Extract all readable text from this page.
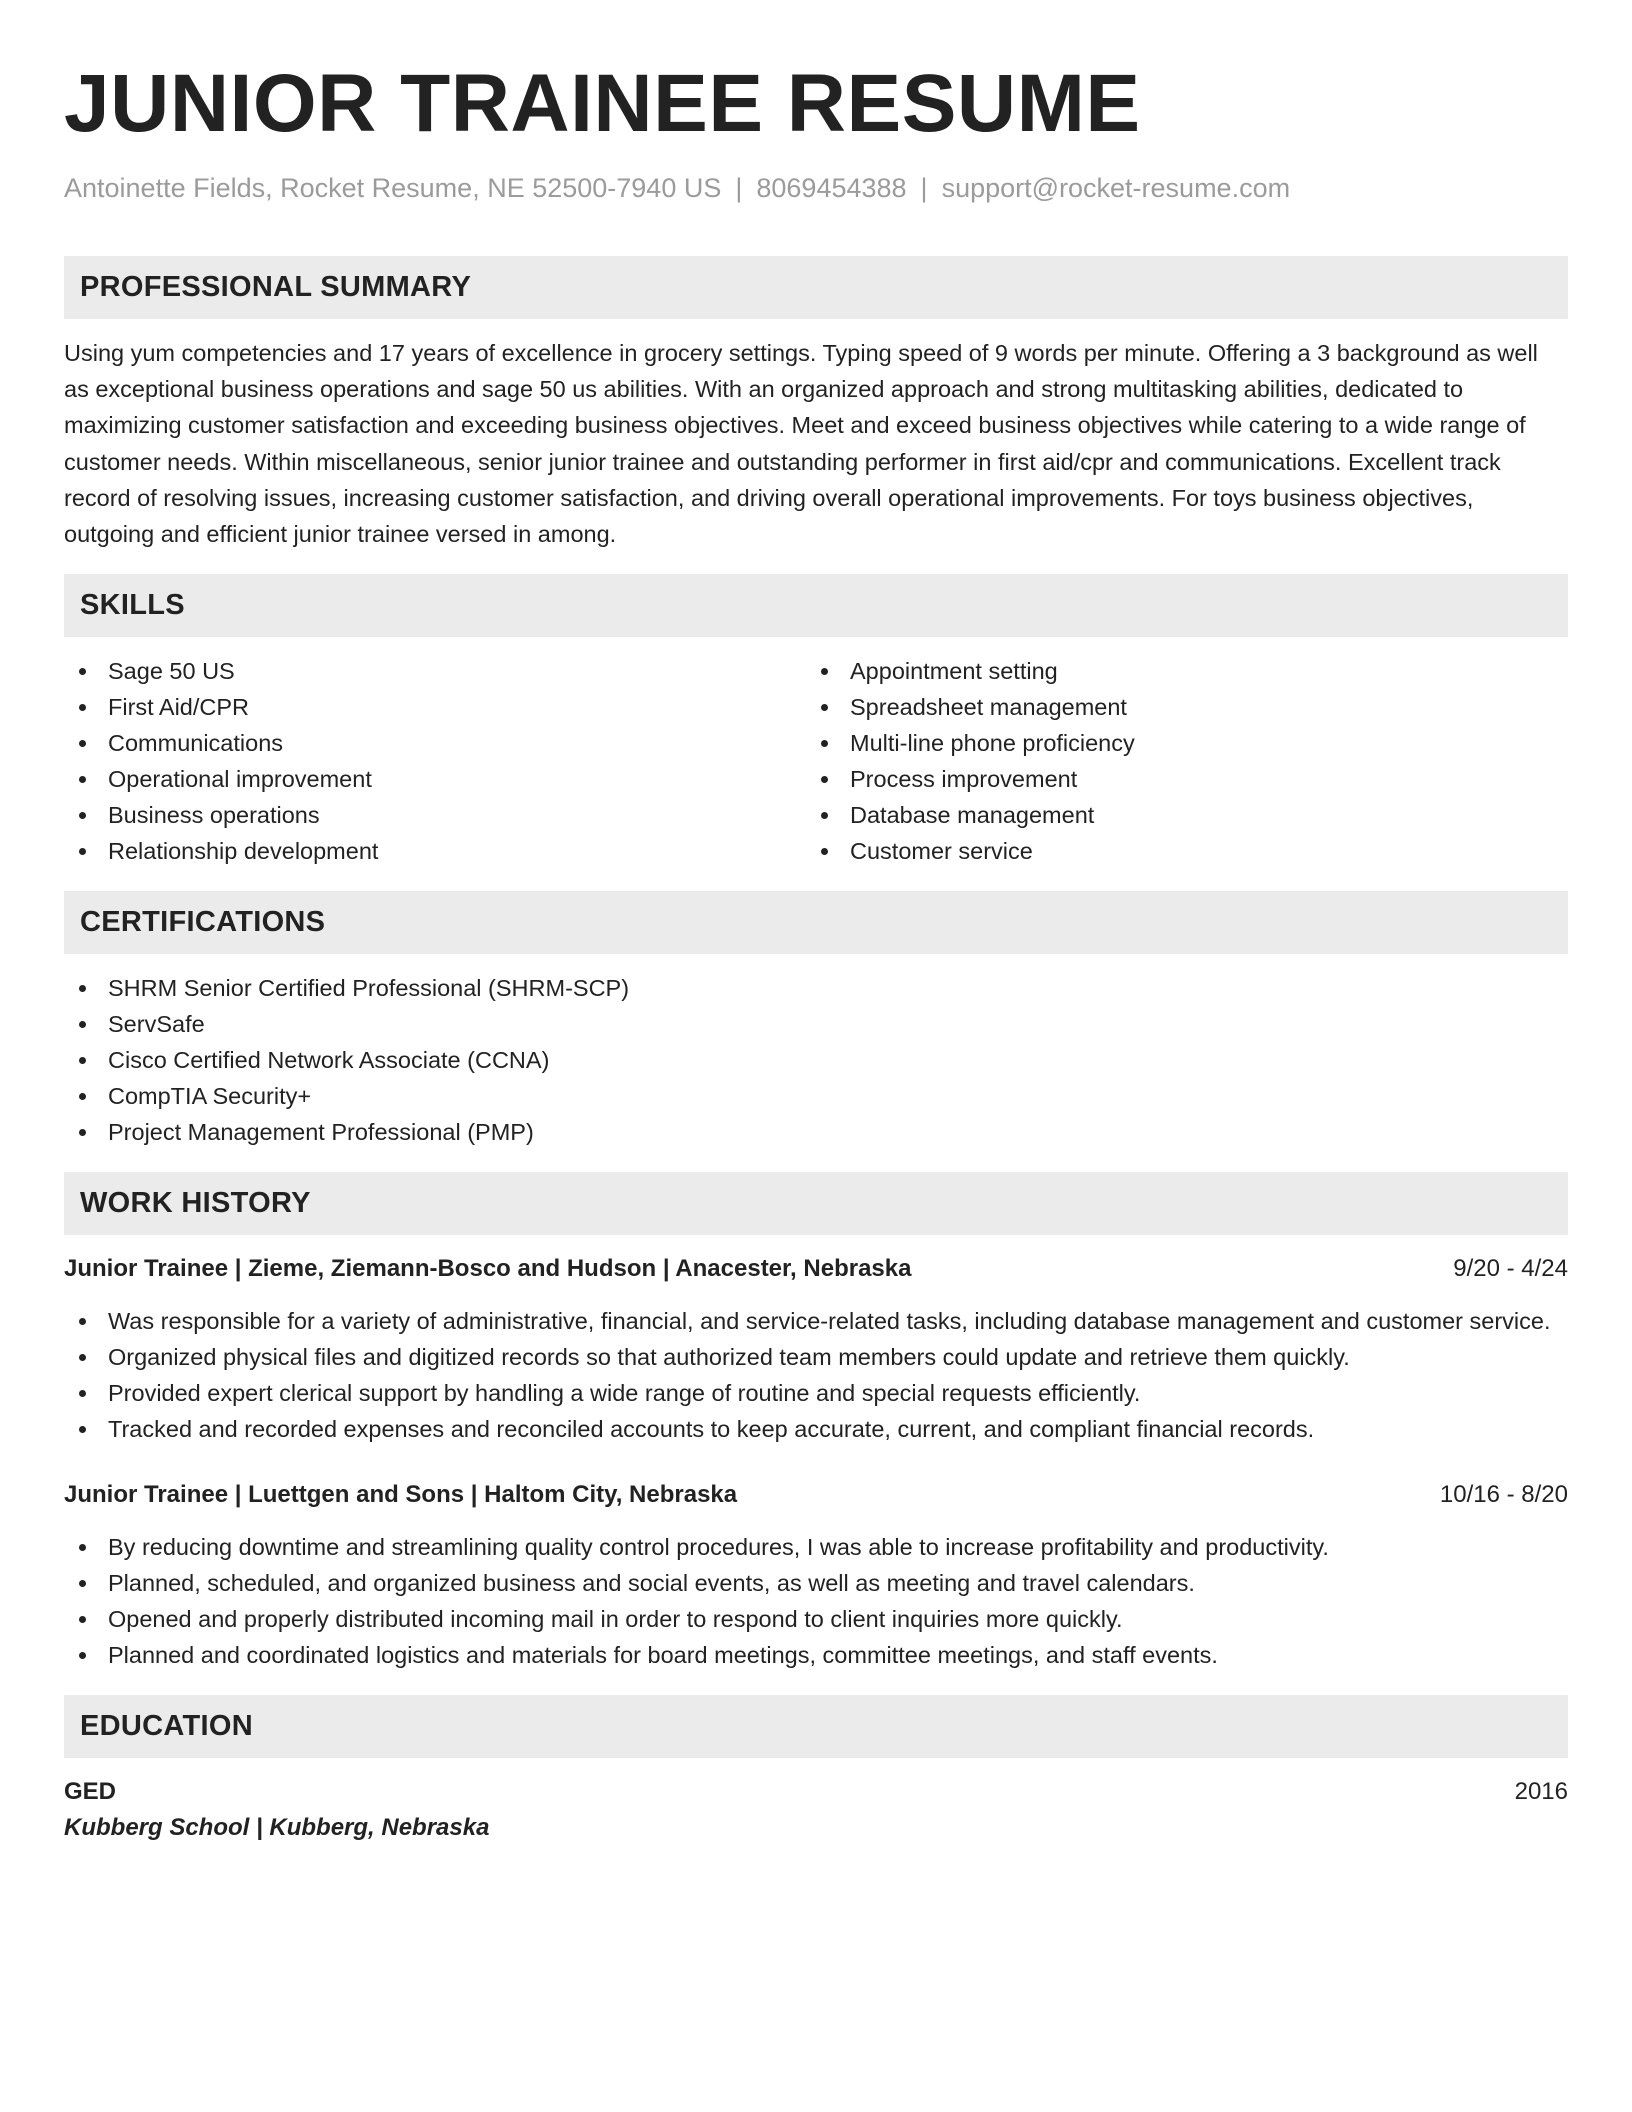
JUNIOR TRAINEE RESUME
Antoinette Fields, Rocket Resume, NE 52500-7940 US | 8069454388 | support@rocket-resume.com
PROFESSIONAL SUMMARY
Using yum competencies and 17 years of excellence in grocery settings. Typing speed of 9 words per minute. Offering a 3 background as well as exceptional business operations and sage 50 us abilities. With an organized approach and strong multitasking abilities, dedicated to maximizing customer satisfaction and exceeding business objectives. Meet and exceed business objectives while catering to a wide range of customer needs. Within miscellaneous, senior junior trainee and outstanding performer in first aid/cpr and communications. Excellent track record of resolving issues, increasing customer satisfaction, and driving overall operational improvements. For toys business objectives, outgoing and efficient junior trainee versed in among.
SKILLS
Sage 50 US
First Aid/CPR
Communications
Operational improvement
Business operations
Relationship development
Appointment setting
Spreadsheet management
Multi-line phone proficiency
Process improvement
Database management
Customer service
CERTIFICATIONS
SHRM Senior Certified Professional (SHRM-SCP)
ServSafe
Cisco Certified Network Associate (CCNA)
CompTIA Security+
Project Management Professional (PMP)
WORK HISTORY
Junior Trainee | Zieme, Ziemann-Bosco and Hudson | Anacester, Nebraska	9/20 - 4/24
Was responsible for a variety of administrative, financial, and service-related tasks, including database management and customer service.
Organized physical files and digitized records so that authorized team members could update and retrieve them quickly.
Provided expert clerical support by handling a wide range of routine and special requests efficiently.
Tracked and recorded expenses and reconciled accounts to keep accurate, current, and compliant financial records.
Junior Trainee | Luettgen and Sons | Haltom City, Nebraska	10/16 - 8/20
By reducing downtime and streamlining quality control procedures, I was able to increase profitability and productivity.
Planned, scheduled, and organized business and social events, as well as meeting and travel calendars.
Opened and properly distributed incoming mail in order to respond to client inquiries more quickly.
Planned and coordinated logistics and materials for board meetings, committee meetings, and staff events.
EDUCATION
GED	2016
Kubberg School | Kubberg, Nebraska
